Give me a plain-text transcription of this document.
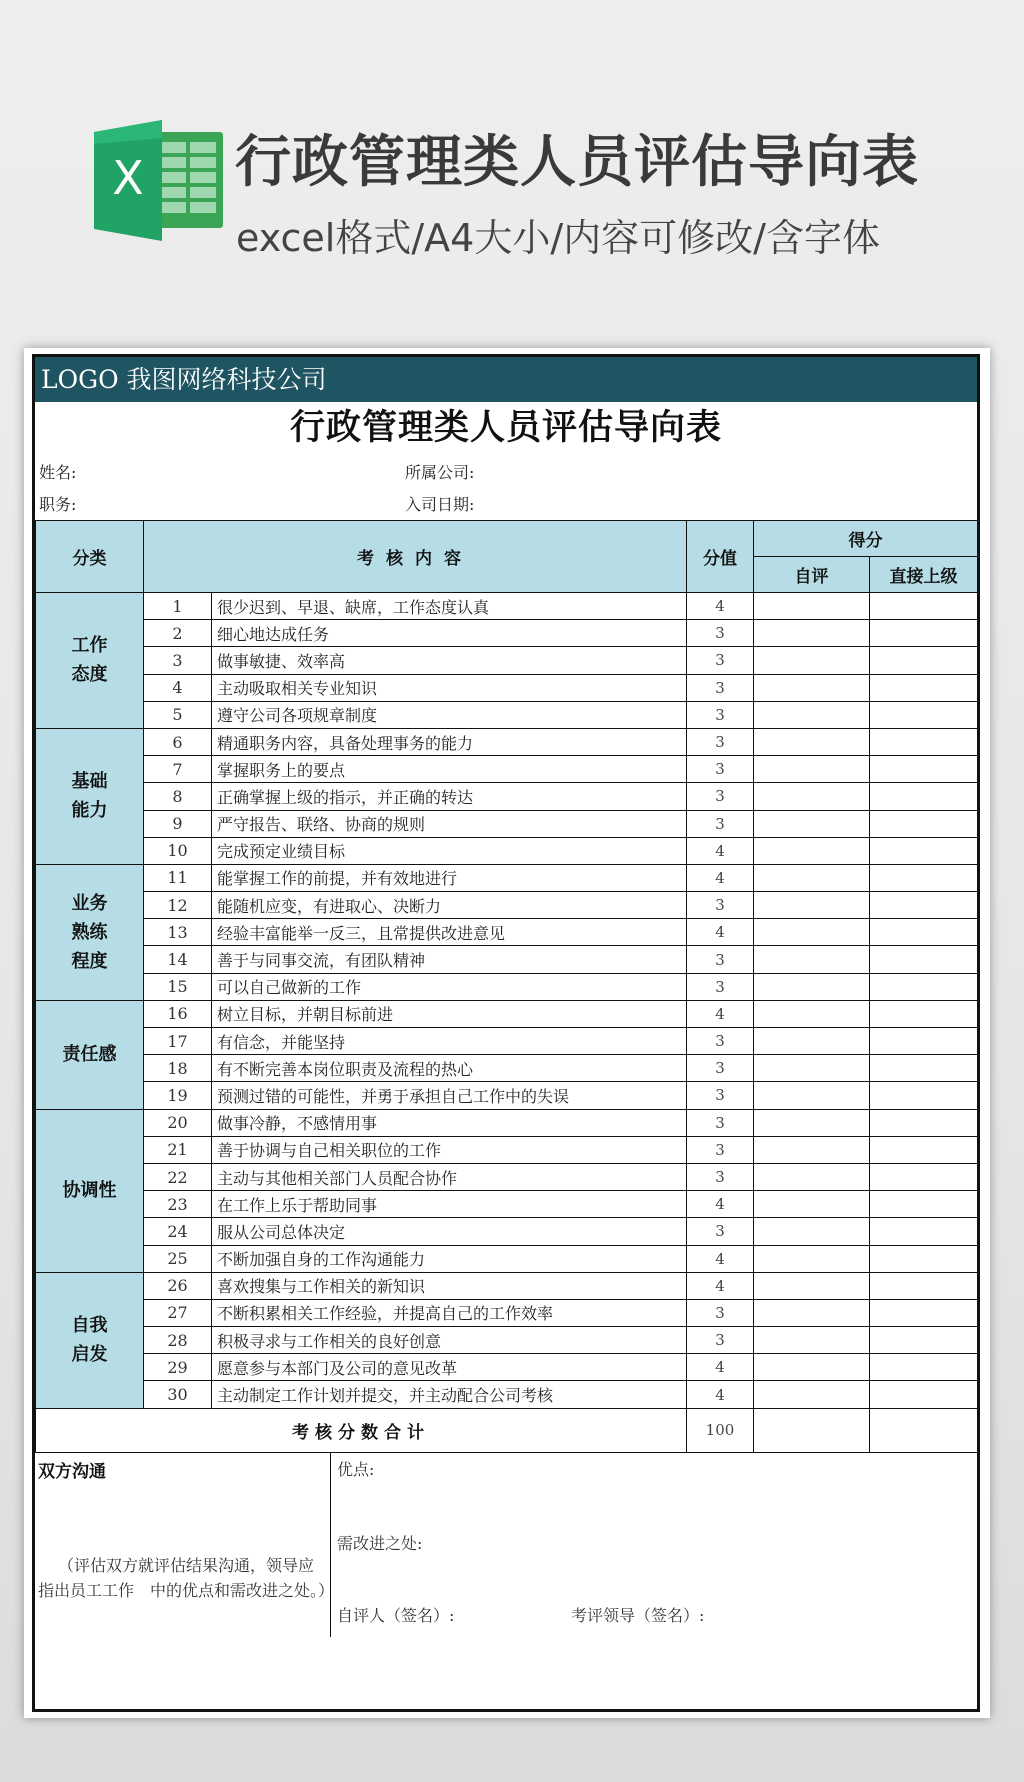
X 行政管理类人员评估导向表
excel格式/A4大小/内容可修改/含字体
LOGO 我图网络科技公司
行政管理类人员评估导向表
姓名:	所属公司:
职务:	入司日期:
分类	考核内容		分值	得分	
				自评	直接上级

工作
态度	1	很少迟到、早退、缺席，工作态度认真	4		
	2	细心地达成任务	3		
	3	做事敏捷、效率高	3		
	4	主动吸取相关专业知识	3		
	5	遵守公司各项规章制度	3		

基础
能力	6	精通职务内容，具备处理事务的能力	3		
	7	掌握职务上的要点	3		
	8	正确掌握上级的指示，并正确的转达	3		
	9	严守报告、联络、协商的规则	3		
	10	完成预定业绩目标	4		

业务
熟练
程度	11	能掌握工作的前提，并有效地进行	4		
	12	能随机应变，有进取心、决断力	3		
	13	经验丰富能举一反三，且常提供改进意见	4		
	14	善于与同事交流，有团队精神	3		
	15	可以自己做新的工作	3		

责任感	16	树立目标，并朝目标前进	4		
	17	有信念，并能坚持	3		
	18	有不断完善本岗位职责及流程的热心	3		
	19	预测过错的可能性，并勇于承担自己工作中的失误	3		

协调性	20	做事冷静，不感情用事	3		
	21	善于协调与自己相关职位的工作	3		
	22	主动与其他相关部门人员配合协作	3		
	23	在工作上乐于帮助同事	4		
	24	服从公司总体决定	3		
	25	不断加强自身的工作沟通能力	4		

自我
启发	26	喜欢搜集与工作相关的新知识	4		
	27	不断积累相关工作经验，并提高自己的工作效率	3		
	28	积极寻求与工作相关的良好创意	3		
	29	愿意参与本部门及公司的意见改革	4		
	30	主动制定工作计划并提交，并主动配合公司考核	4		
考核分数合计			100		
双方沟通
（评估双方就评估结果沟通，领导应指出员工工作　中的优点和需改进之处。）
优点:
需改进之处:
自评人（签名）:	考评领导（签名）:
